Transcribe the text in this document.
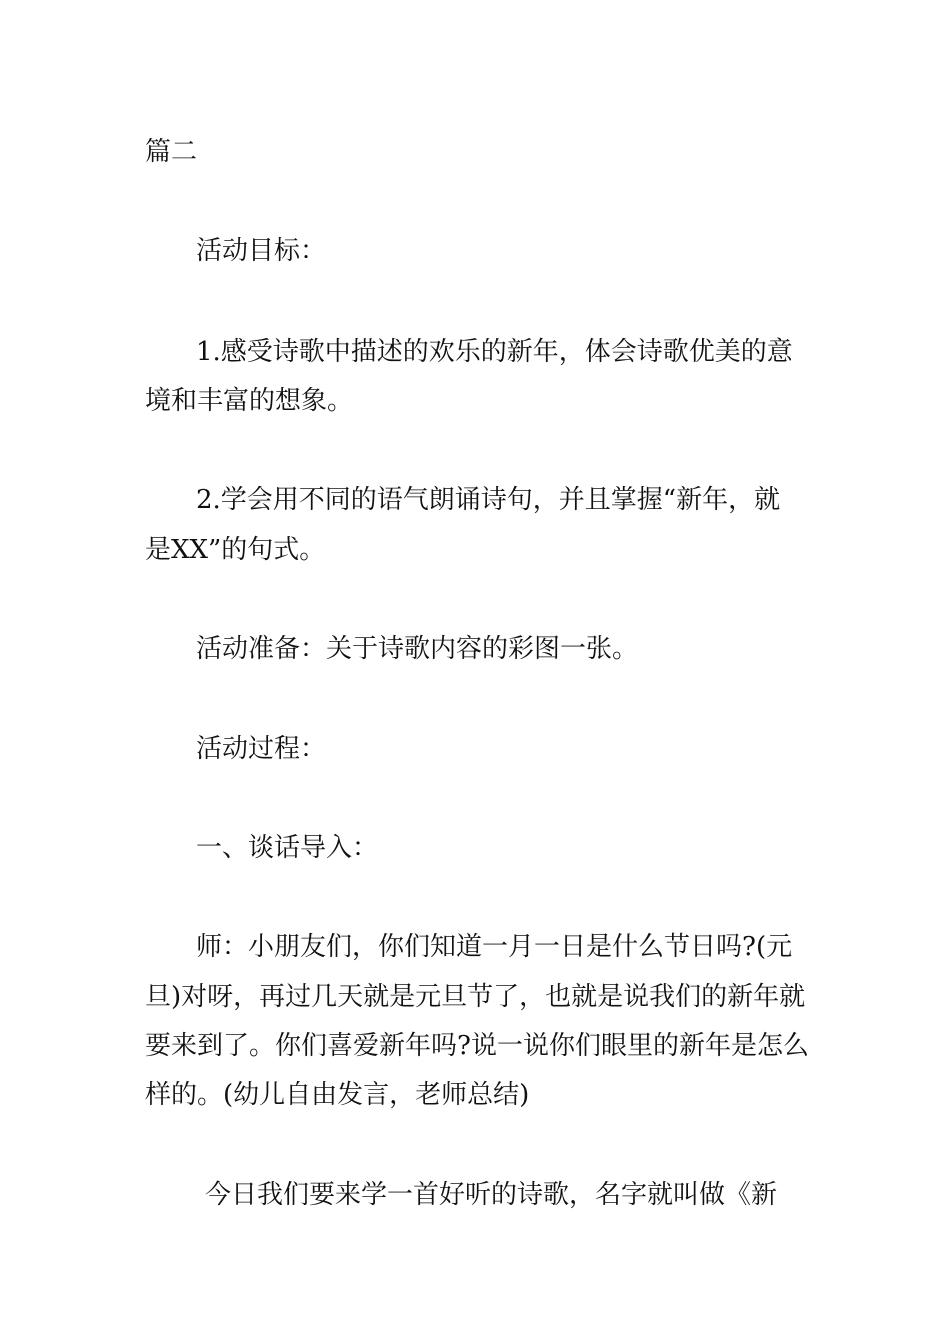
篇二

活动目标：

1.感受诗歌中描述的欢乐的新年，体会诗歌优美的意

境和丰富的想象。

2.学会用不同的语气朗诵诗句，并且掌握“新年，就

是XX”的句式。

活动准备：关于诗歌内容的彩图一张。

活动过程：

一、谈话导入：

师：小朋友们，你们知道一月一日是什么节日吗?(元

旦)对呀，再过几天就是元旦节了，也就是说我们的新年就

要来到了。你们喜爱新年吗?说一说你们眼里的新年是怎么

样的。(幼儿自由发言，老师总结)

今日我们要来学一首好听的诗歌，名字就叫做《新
